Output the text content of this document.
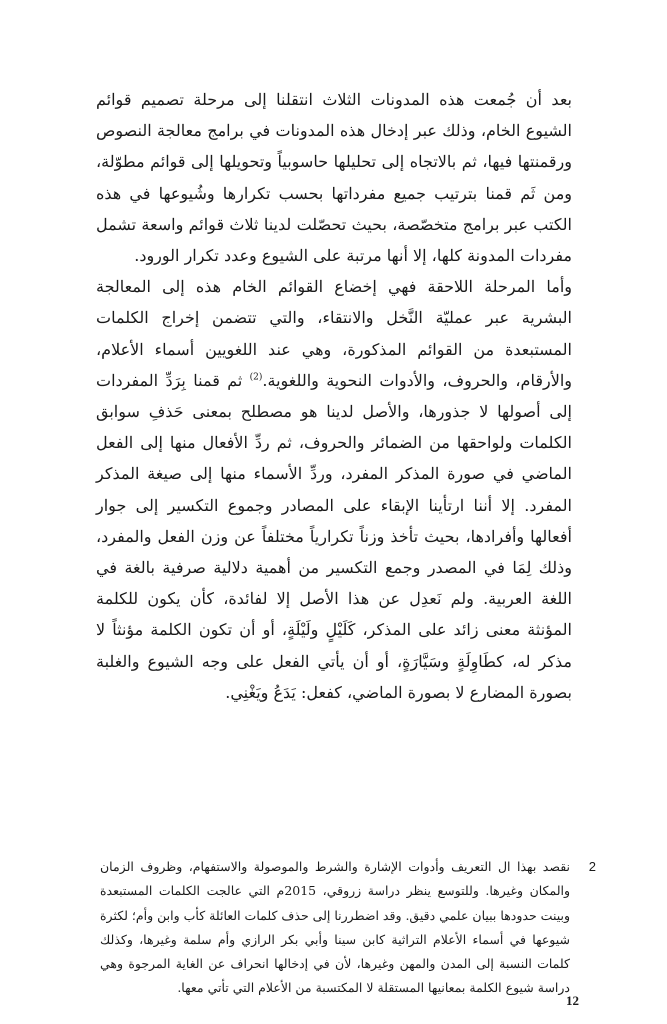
بعد أن جُمعت هذه المدونات الثلاث انتقلنا إلى مرحلة تصميم قوائم الشيوع الخام، وذلك عبر إدخال هذه المدونات في برامج معالجة النصوص ورقمنتها فيها، ثم بالاتجاه إلى تحليلها حاسوبياً وتحويلها إلى قوائم مطوّلة، ومن ثَم قمنا بترتيب جميع مفرداتها بحسب تكرارها وشُيوعها في هذه الكتب عبر برامج متخصّصة، بحيث تحصّلت لدينا ثلاث قوائم واسعة تشمل مفردات المدونة كلها، إلا أنها مرتبة على الشيوع وعدد تكرار الورود.

وأما المرحلة اللاحقة فهي إخضاع القوائم الخام هذه إلى المعالجة البشرية عبر عمليّة النَّخل والانتقاء، والتي تتضمن إخراج الكلمات المستبعدة من القوائم المذكورة، وهي عند اللغويين أسماء الأعلام، والأرقام، والحروف، والأدوات النحوية واللغوية.$^{(2)}$ ثم قمنا بِرَدِّ المفردات إلى أصولها لا جذورها، والأصل لدينا هو مصطلح بمعنى حَذفِ سوابق الكلمات ولواحقها من الضمائر والحروف، ثم ردِّ الأفعال منها إلى الفعل الماضي في صورة المذكر المفرد، وردِّ الأسماء منها إلى صيغة المذكر المفرد. إلا أننا ارتأينا الإبقاء على المصادر وجموع التكسير إلى جوار أفعالها وأفرادها، بحيث تأخذ وزناً تكرارياً مختلفاً عن وزن الفعل والمفرد، وذلك لِمَا في المصدر وجمع التكسير من أهمية دلالية صرفية بالغة في اللغة العربية. ولم نَعدِل عن هذا الأصل إلا لفائدة، كأن يكون للكلمة المؤنثة معنى زائد على المذكر، كَلَيْلٍ ولَيْلَةٍ، أو أن تكون الكلمة مؤنثاً لا مذكر له، كطَاوِلَةٍ وسَيَّارَةٍ، أو أن يأتي الفعل على وجه الشيوع والغلبة بصورة المضارع لا بصورة الماضي، كفعل: يَدَعُ ويَغْنِي.

2

نقصد بهذا ال التعريف وأدوات الإشارة والشرط والموصولة والاستفهام، وظروف الزمان والمكان وغيرها. وللتوسع ينظر دراسة زروقي، 2015م التي عالجت الكلمات المستبعدة وبينت حدودها ببيان علمي دقيق. وقد اضطررنا إلى حذف كلمات العائلة كأب وابن وأم؛ لكثرة شيوعها في أسماء الأعلام التراثية كابن سينا وأبي بكر الرازي وأم سلمة وغيرها، وكذلك كلمات النسبة إلى المدن والمهن وغيرها، لأن في إدخالها انحراف عن الغاية المرجوة وهي دراسة شيوع الكلمة بمعانيها المستقلة لا المكتسبة من الأعلام التي تأتي معها.

12
